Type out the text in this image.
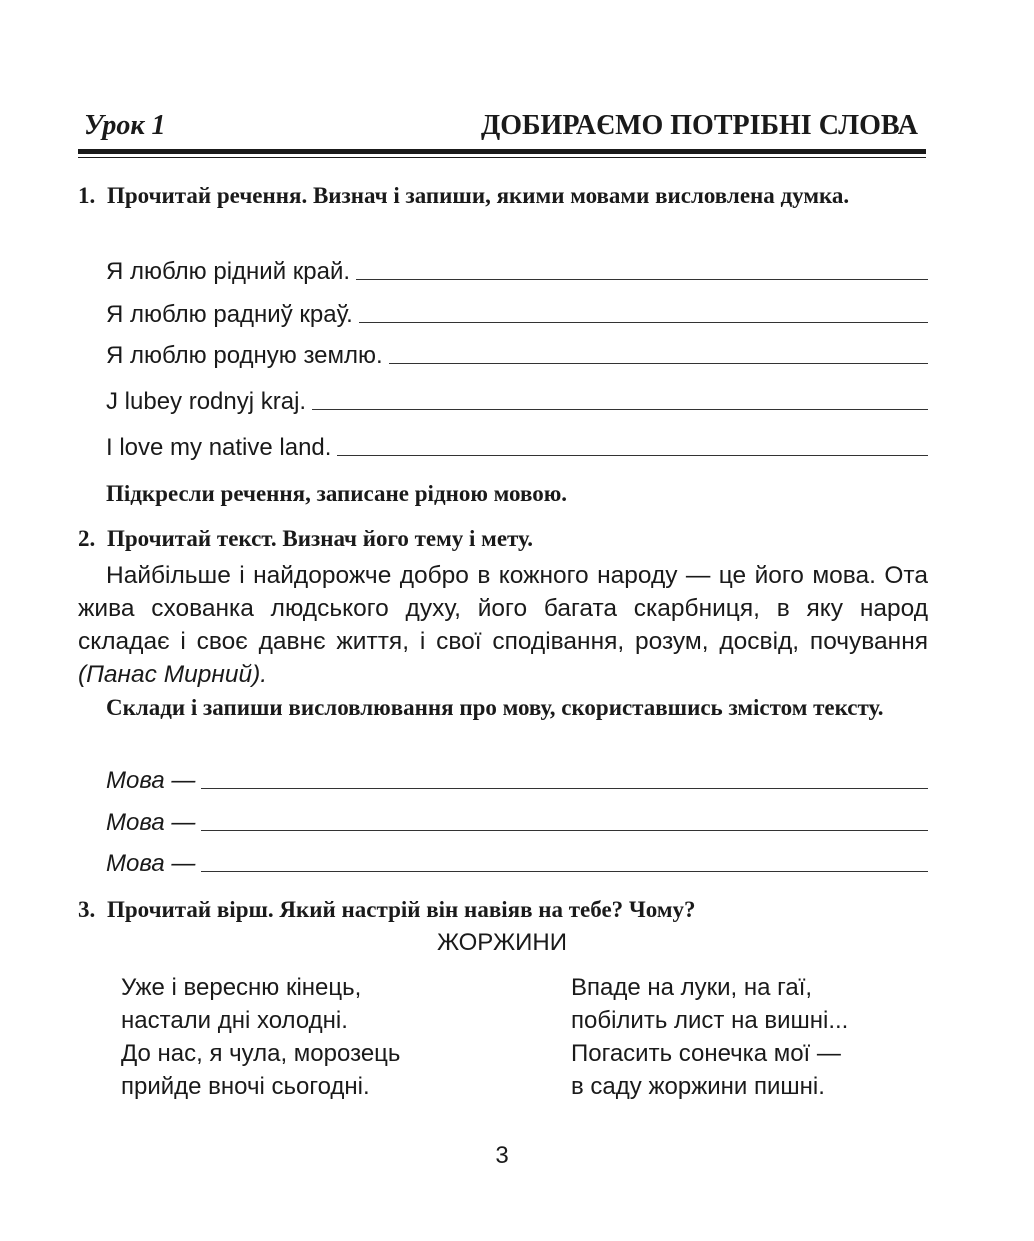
Урок 1	ДОБИРАЄМО ПОТРІБНІ СЛОВА
1. Прочитай речення. Визнач і запиши, якими мовами висловлена думка.
Я люблю рідний край.
Я люблю радниў краў.
Я люблю родную землю.
J lubey rodnyj kraj.
I love my native land.
Підкресли речення, записане рідною мовою.
2. Прочитай текст. Визнач його тему і мету.
Найбільше і найдорожче добро в кожного народу — це його мова. Ота жива схованка людського духу, його багата скарбниця, в яку народ складає і своє давнє життя, і свої сподівання, розум, досвід, почування (Панас Мирний).
Склади і запиши висловлювання про мову, скориставшись змістом тексту.
Мова —
Мова —
Мова —
3. Прочитай вірш. Який настрій він навіяв на тебе? Чому?
ЖОРЖИНИ
Уже і вересню кінець,
настали дні холодні.
До нас, я чула, морозець
прийде вночі сьогодні.
Впаде на луки, на гаї,
побілить лист на вишні...
Погасить сонечка мої —
в саду жоржини пишні.
3
